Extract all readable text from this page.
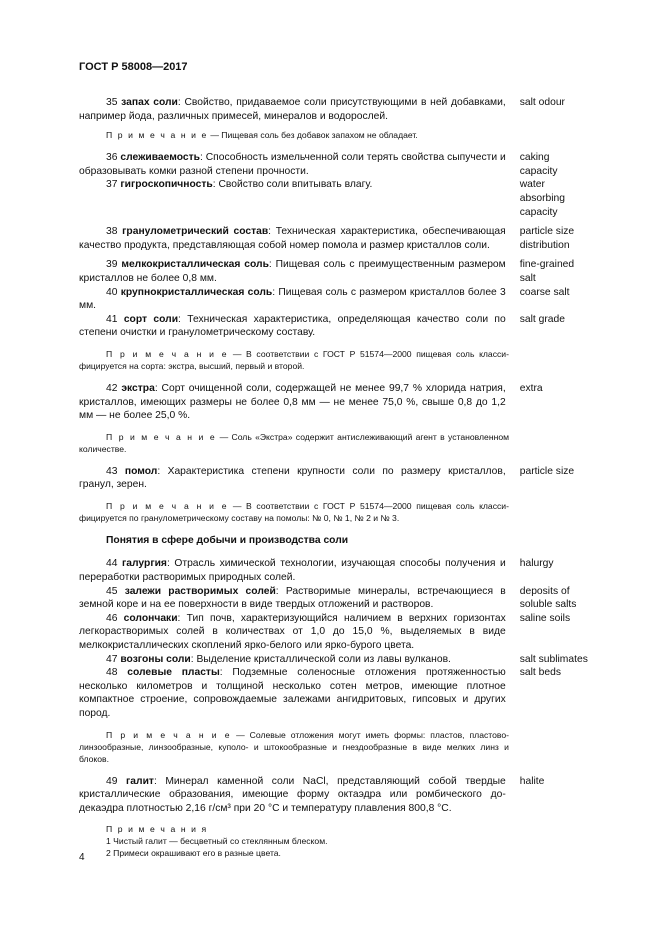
ГОСТ Р 58008—2017

35 запах соли: Свойство, придаваемое соли присутствующими в ней добавками, например йода, различных примесей, минералов и водорослей.

salt odour

П р и м е ч а н и е — Пищевая соль без добавок запахом не обладает.

36 слеживаемость: Способность измельченной соли терять свойства сыпучести и образовывать комки разной степени прочности.

caking
capacity

37 гигроскопичность: Свойство соли впитывать влагу.	water
absorbing
capacity

38 гранулометрический состав: Техническая характеристика, обеспечивающая качество продукта, представляющая собой номер помола и размер кристаллов соли.

particle size
distribution

39 мелкокристаллическая соль: Пищевая соль с преимущественным размером кристаллов не более 0,8 мм.

fine-grained
salt

40 крупнокристаллическая соль: Пищевая соль с размером кристаллов более 3 мм.

coarse salt

41 сорт соли: Техническая характеристика, определяющая качество соли по степени очистки и гранулометрическому составу.

salt grade

П р и м е ч а н и е — В соответствии с ГОСТ Р 51574—2000 пищевая соль классифицируется на сорта: экстра, высший, первый и второй.

42 экстра: Сорт очищенной соли, содержащей не менее 99,7 % хлорида натрия, кристаллов, имеющих размеры не более 0,8 мм — не менее 75,0 %, свыше 0,8 до 1,2 мм — не более 25,0 %.

extra

П р и м е ч а н и е — Соль «Экстра» содержит антислеживающий агент в установленном количестве.

43 помол: Характеристика степени крупности соли по размеру кристаллов, гранул, зерен.

particle size

П р и м е ч а н и е — В соответствии с ГОСТ Р 51574—2000 пищевая соль классифицируется по гранулометрическому составу на помолы: № 0, № 1, № 2 и № 3.

Понятия в сфере добычи и производства соли

44 галургия: Отрасль химической технологии, изучающая способы получения и переработки растворимых природных солей.

halurgy

45 залежи растворимых солей: Растворимые минералы, встречающиеся в земной коре и на ее поверхности в виде твердых отложений и растворов.

deposits of
soluble salts

46 солончаки: Тип почв, характеризующийся наличием в верхних горизонтах легкорастворимых солей в количествах от 1,0 до 15,0 %, выделяемых в виде мелкокристаллических скоплений ярко-белого или ярко-бурого цвета.

saline soils

47 возгоны соли: Выделение кристаллической соли из лавы вулканов.	salt sublimates

48 солевые пласты: Подземные соленосные отложения протяженностью несколько километров и толщиной несколько сотен метров, имеющие плотное компактное строение, сопровождаемые залежами ангидритовых, гипсовых и других пород.

salt beds

П р и м е ч а н и е — Солевые отложения могут иметь формы: пластов, пластово-линзообразные, линзообразные, куполо- и штокообразные и гнездообразные в виде мелких линз и блоков.

49 галит: Минерал каменной соли NaCl, представляющий собой твердые кристаллические образования, имеющие форму октаэдра или ромбического додекаэдра плотностью 2,16 г/см³ при 20 °C и температуру плавления 800,8 °C.

halite
П р и м е ч а н и я
1 Чистый галит — бесцветный со стеклянным блеском.
2 Примеси окрашивают его в разные цвета.
4
